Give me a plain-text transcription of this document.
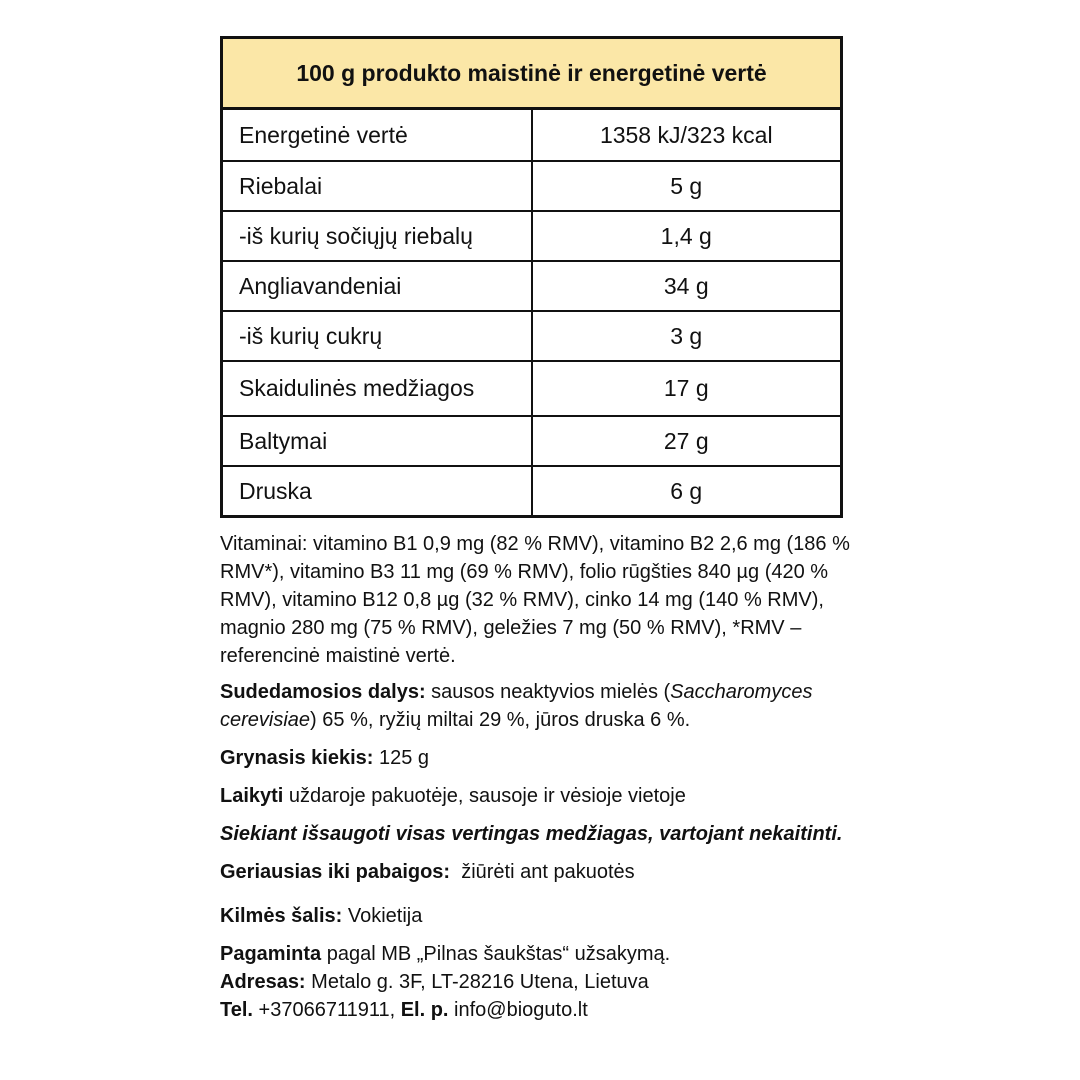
100 g produkto maistinė ir energetinė vertė	
Energetinė vertė	1358 kJ/323 kcal
Riebalai	5 g
-iš kurių sočiųjų riebalų	1,4 g
Angliavandeniai	34 g
-iš kurių cukrų	3 g
Skaidulinės medžiagos	17 g
Baltymai	27 g
Druska	6 g

Vitaminai: vitamino B1 0,9 mg (82 % RMV), vitamino B2 2,6 mg (186 % RMV*), vitamino B3 11 mg (69 % RMV), folio rūgšties 840 µg (420 % RMV), vitamino B12 0,8 µg (32 % RMV), cinko 14 mg (140 % RMV), magnio 280 mg (75 % RMV), geležies 7 mg (50 % RMV), *RMV – referencinė maistinė vertė.

Sudedamosios dalys: sausos neaktyvios mielės (Saccharomyces cerevisiae) 65 %, ryžių miltai 29 %, jūros druska 6 %.

Grynasis kiekis: 125 g

Laikyti uždaroje pakuotėje, sausoje ir vėsioje vietoje

Siekiant išsaugoti visas vertingas medžiagas, vartojant nekaitinti.

Geriausias iki pabaigos:  žiūrėti ant pakuotės

Kilmės šalis: Vokietija

Pagaminta pagal MB „Pilnas šaukštas“ užsakymą.

Adresas: Metalo g. 3F, LT-28216 Utena, Lietuva

Tel. +37066711911, El. p. info@bioguto.lt
